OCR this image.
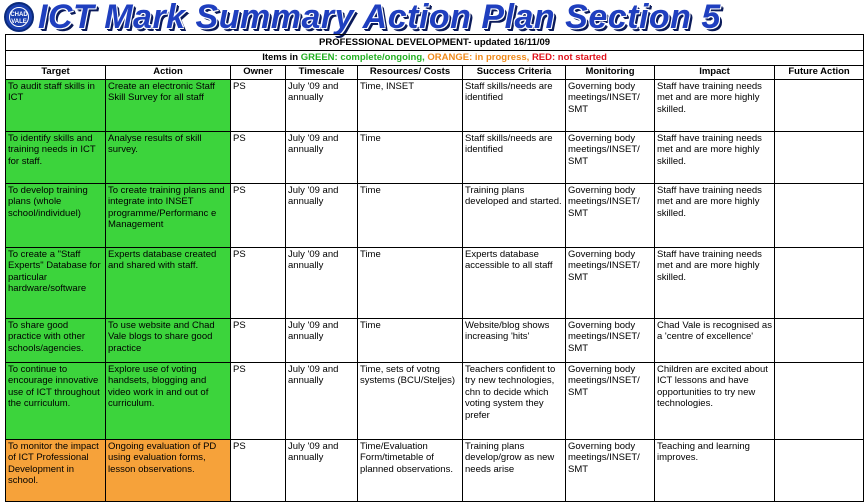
CHAD
VALE ICT Mark Summary Action Plan Section 5
PROFESSIONAL DEVELOPMENT- updated 16/11/09								
Items in GREEN: complete/ongoing, ORANGE: in progress, RED: not started								
Target	Action	Owner	Timescale	Resources/ Costs	Success Criteria	Monitoring	Impact	Future Action
To audit staff skills in ICT	Create an electronic Staff Skill Survey for all staff	PS	July '09 and annually	Time, INSET	Staff skills/needs are identified	Governing body meetings/INSET/ SMT	Staff have training needs met and are more highly skilled.	
To identify skills and training needs in ICT for staff.	Analyse results of skill survey.	PS	July '09 and annually	Time	Staff skills/needs are identified	Governing body meetings/INSET/ SMT	Staff have training needs met and are more highly skilled.	
To develop training plans (whole school/individuel)	To create training plans and integrate into INSET programme/Performanc e Management	PS	July '09 and annually	Time	Training plans developed and started.	Governing body meetings/INSET/ SMT	Staff have training needs met and are more highly skilled.	
To create a "Staff Experts" Database for particular hardware/software	Experts database created and shared with staff.	PS	July '09 and annually	Time	Experts database accessible to all staff	Governing body meetings/INSET/ SMT	Staff have training needs met and are more highly skilled.	
To share good practice with other schools/agencies.	To use website and Chad Vale blogs to share good practice	PS	July '09 and annually	Time	Website/blog shows increasing 'hits'	Governing body meetings/INSET/ SMT	Chad Vale is recognised as a 'centre of excellence'	
To continue to encourage innovative use of ICT throughout the curriculum.	Explore use of voting handsets, blogging and video work in and out of curriculum.	PS	July '09 and annually	Time, sets of votng systems (BCU/Steljes)	Teachers confident to try new technologies, chn to decide which voting system they prefer	Governing body meetings/INSET/ SMT	Children are excited about ICT lessons and have opportunities to try new technologies.	
To monitor the impact of ICT Professional Development in school.	Ongoing evaluation of PD using evaluation forms, lesson observations.	PS	July '09 and annually	Time/Evaluation Form/timetable of planned observations.	Training plans develop/grow as new needs arise	Governing body meetings/INSET/ SMT	Teaching and learning improves.	
